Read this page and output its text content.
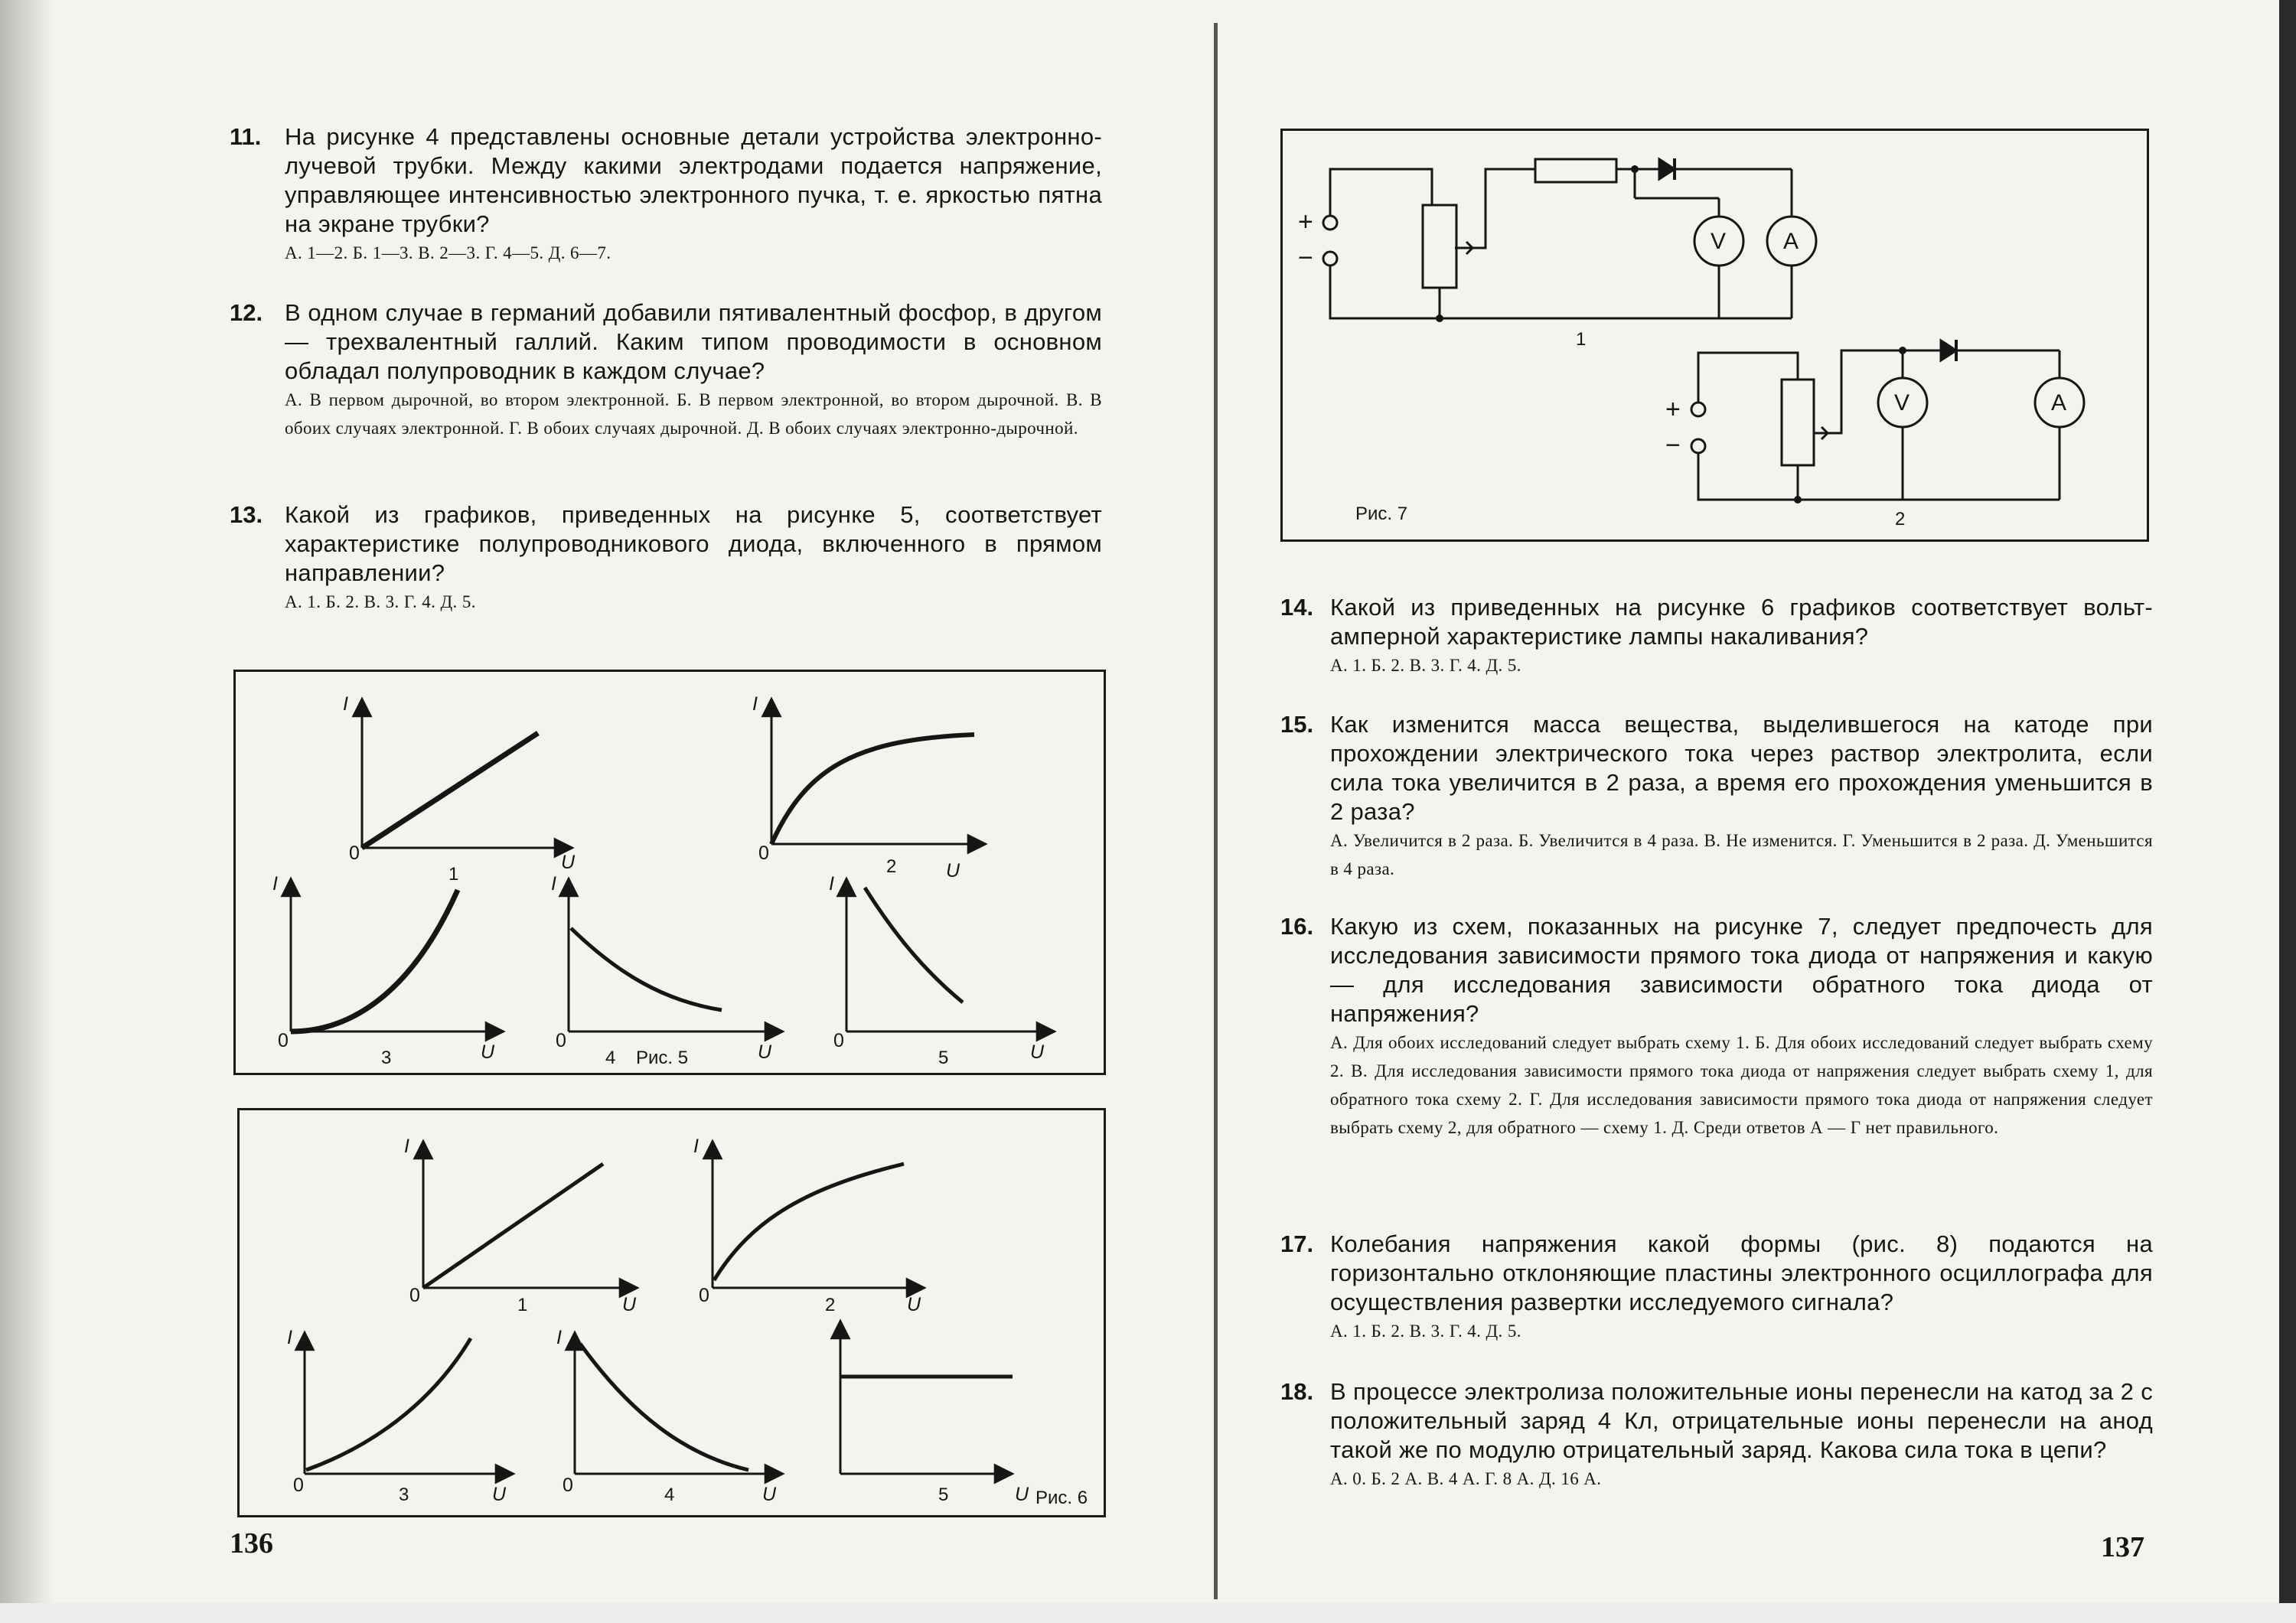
11. На рисунке 4 представлены основные детали устройства электронно-лучевой трубки. Между какими электродами подается напряжение, управляющее интенсивностью электронного пучка, т. е. яркостью пятна на экране трубки?

А. 1—2. Б. 1—3. В. 2—3. Г. 4—5. Д. 6—7.

12. В одном случае в германий добавили пятивалентный фосфор, в другом — трехвалентный галлий. Каким типом проводимости в основном обладал полупроводник в каждом случае?

А. В первом дырочной, во втором электронной. Б. В первом электронной, во втором дырочной. В. В обоих случаях электронной. Г. В обоих случаях дырочной. Д. В обоих случаях электронно-дырочной.

13. Какой из графиков, приведенных на рисунке 5, соответствует характеристике полупроводникового диода, включенного в прямом направлении?

А. 1. Б. 2. В. 3. Г. 4. Д. 5.

I
0	U
1
I
0
2	U
I
0
3	U
I
0
4 Рис. 5	U
I
0
5	U
I
0	1	U
I
0	2	U
I
0	3	U
I
0	4	U	5	U Рис. 6
136
+
−
V A
1
+
−
V	A
2
Рис. 7
14. Какой из приведенных на рисунке 6 графиков соответствует вольт-амперной характеристике лампы накаливания?

А. 1. Б. 2. В. 3. Г. 4. Д. 5.

15. Как изменится масса вещества, выделившегося на катоде при прохождении электрического тока через раствор электролита, если сила тока увеличится в 2 раза, а время его прохождения уменьшится в 2 раза?

А. Увеличится в 2 раза. Б. Увеличится в 4 раза. В. Не изменится. Г. Уменьшится в 2 раза. Д. Уменьшится в 4 раза.

16. Какую из схем, показанных на рисунке 7, следует предпочесть для исследования зависимости прямого тока диода от напряжения и какую — для исследования зависимости обратного тока диода от напряжения?

А. Для обоих исследований следует выбрать схему 1. Б. Для обоих исследований следует выбрать схему 2. В. Для исследования зависимости прямого тока диода от напряжения следует выбрать схему 1, для обратного тока схему 2. Г. Для исследования зависимости прямого тока диода от напряжения следует выбрать схему 2, для обратного — схему 1. Д. Среди ответов А — Г нет правильного.

17. Колебания напряжения какой формы (рис. 8) подаются на горизонтально отклоняющие пластины электронного осциллографа для осуществления развертки исследуемого сигнала?

А. 1. Б. 2. В. 3. Г. 4. Д. 5.

18. В процессе электролиза положительные ионы перенесли на катод за 2 с положительный заряд 4 Кл, отрицательные ионы перенесли на анод такой же по модулю отрицательный заряд. Какова сила тока в цепи?

А. 0. Б. 2 А. В. 4 А. Г. 8 А. Д. 16 А.

137
